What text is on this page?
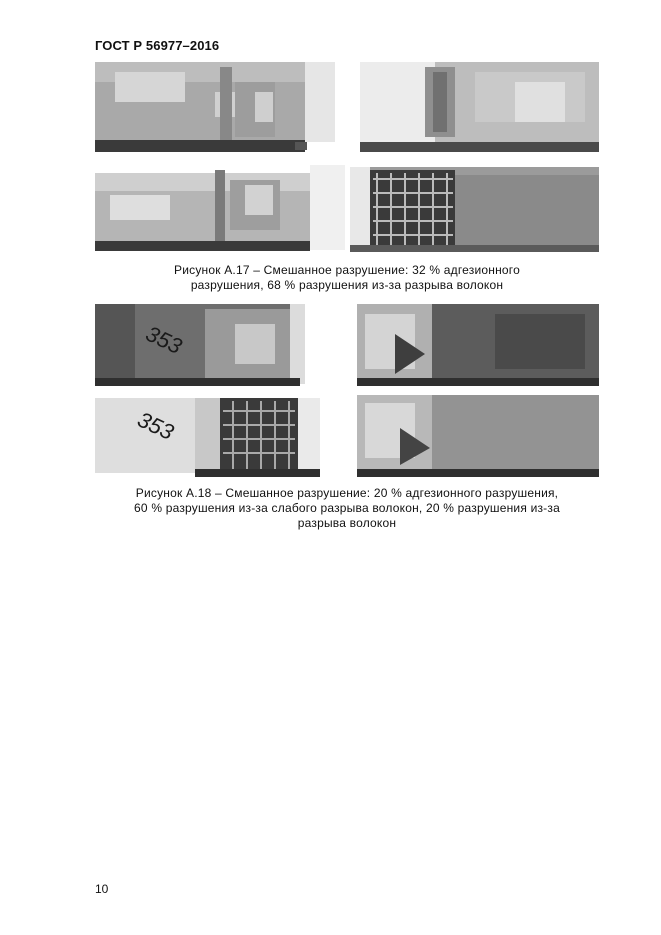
ГОСТ Р 56977–2016
Рисунок А.17 – Смешанное разрушение: 32 % адгезионного
разрушения, 68 % разрушения из-за разрыва волокон
353
353
Рисунок А.18 – Смешанное разрушение: 20 % адгезионного разрушения,
60 % разрушения из-за слабого разрыва волокон, 20 % разрушения из-за
разрыва волокон
10
